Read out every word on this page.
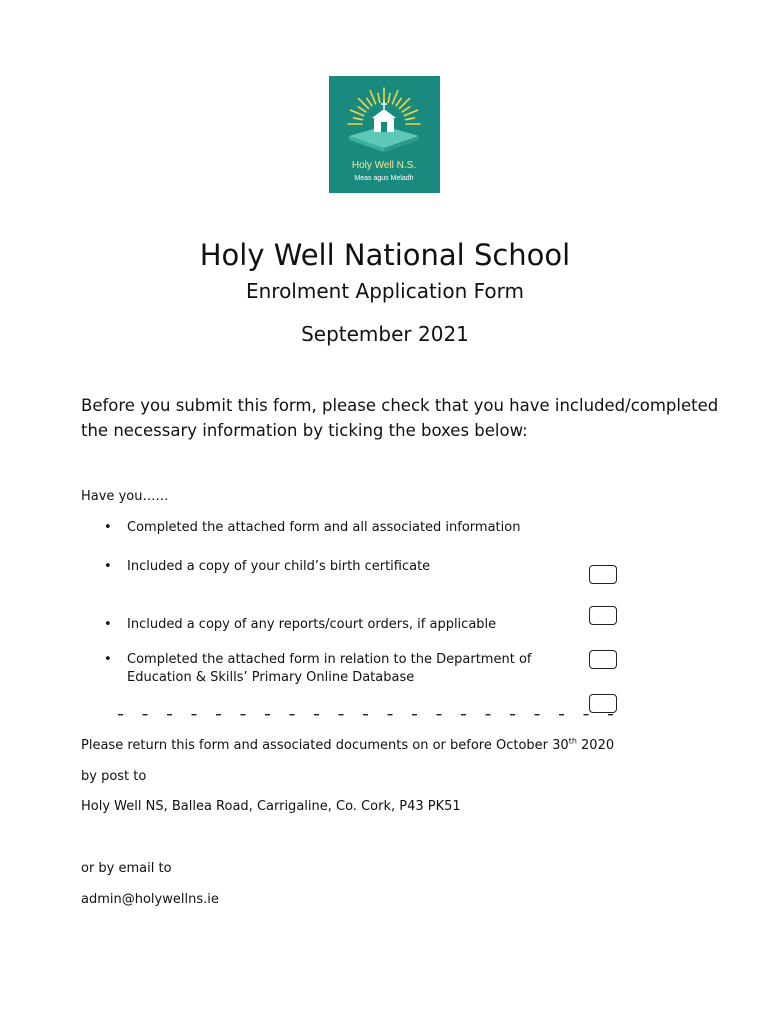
Holy Well N.S.
Meas agus Meladh
Holy Well National School
Enrolment Application Form
September 2021

Before you submit this form, please check that you have included/completed the necessary information by ticking the boxes below:

Have you……
• Completed the attached form and all associated information
• Included a copy of your child’s birth certificate
• Included a copy of any reports/court orders, if applicable
• Completed the attached form in relation to the Department of Education & Skills’ Primary Online Database
Please return this form and associated documents on or before October 30th 2020
by post to
Holy Well NS, Ballea Road, Carrigaline, Co. Cork, P43 PK51
or by email to
admin@holywellns.ie
